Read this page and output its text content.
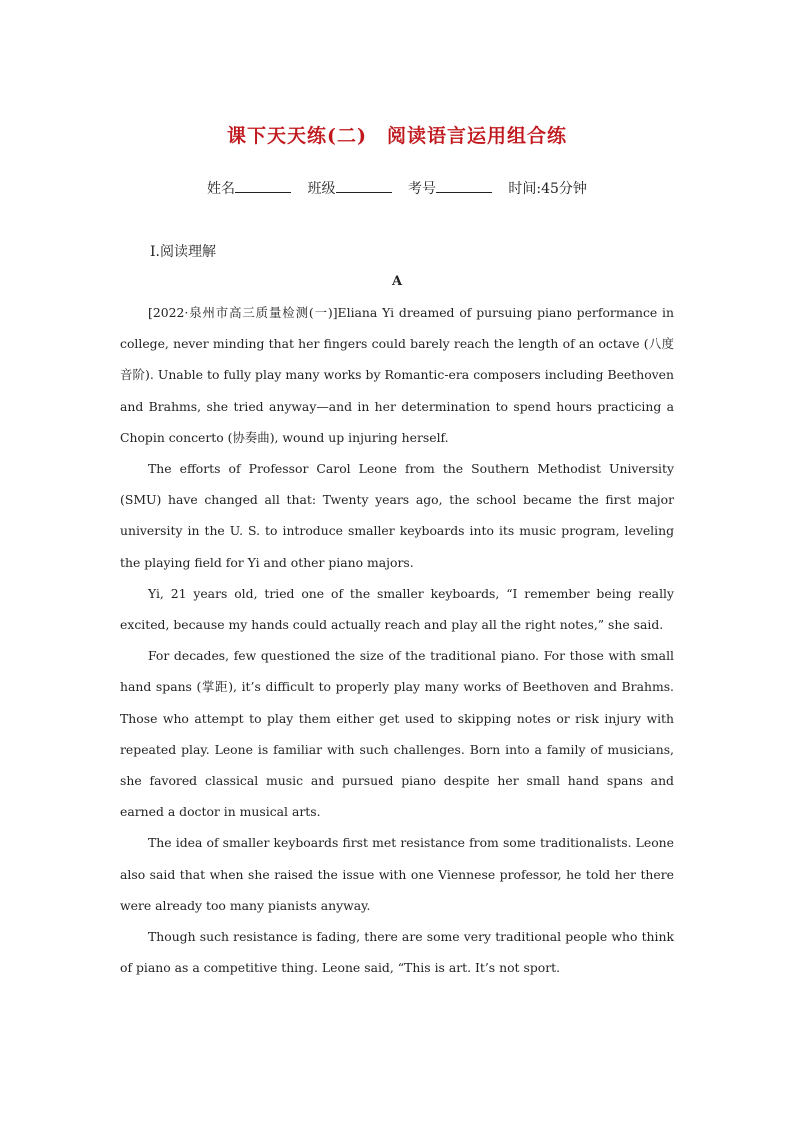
课下天天练(二)　阅读语言运用组合练
姓名	班级	考号	时间:45分钟
Ⅰ.阅读理解
A

[2022·泉州市高三质量检测(一)]Eliana Yi dreamed of pursuing piano performance in college, never minding that her fingers could barely reach the length of an octave (八度音阶). Unable to fully play many works by Romantic-era composers including Beethoven and Brahms, she tried anyway—and in her determination to spend hours practicing a Chopin concerto (协奏曲), wound up injuring herself.

The efforts of Professor Carol Leone from the Southern Methodist University (SMU) have changed all that: Twenty years ago, the school became the first major university in the U. S. to introduce smaller keyboards into its music program, leveling the playing field for Yi and other piano majors.

Yi, 21 years old, tried one of the smaller keyboards, “I remember being really excited, because my hands could actually reach and play all the right notes,” she said.

For decades, few questioned the size of the traditional piano. For those with small hand spans (掌距), it’s difficult to properly play many works of Beethoven and Brahms. Those who attempt to play them either get used to skipping notes or risk injury with repeated play. Leone is familiar with such challenges. Born into a family of musicians, she favored classical music and pursued piano despite her small hand spans and earned a doctor in musical arts.

The idea of smaller keyboards first met resistance from some traditionalists. Leone also said that when she raised the issue with one Viennese professor, he told her there were already too many pianists anyway.

Though such resistance is fading, there are some very traditional people who think of piano as a competitive thing. Leone said, “This is art. It’s not sport.
